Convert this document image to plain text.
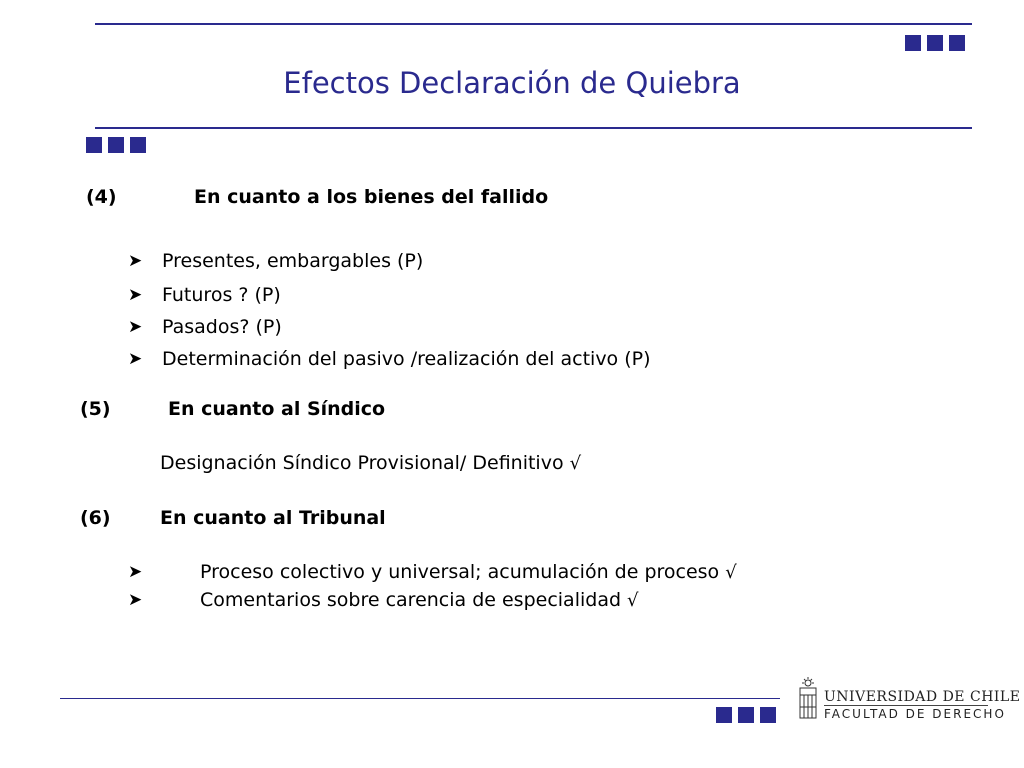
Efectos Declaración de Quiebra
(4)	En cuanto a los bienes del fallido
➤ Presentes, embargables (P)
➤ Futuros ? (P)
➤ Pasados? (P)
➤ Determinación del pasivo /realización del activo (P)
(5)	En cuanto al Síndico
Designación Síndico Provisional/ Definitivo √
(6)	En cuanto al Tribunal
➤	Proceso colectivo y universal; acumulación de proceso √
➤	Comentarios sobre carencia de especialidad √
UNIVERSIDAD DE CHILE
FACULTAD DE DERECHO
